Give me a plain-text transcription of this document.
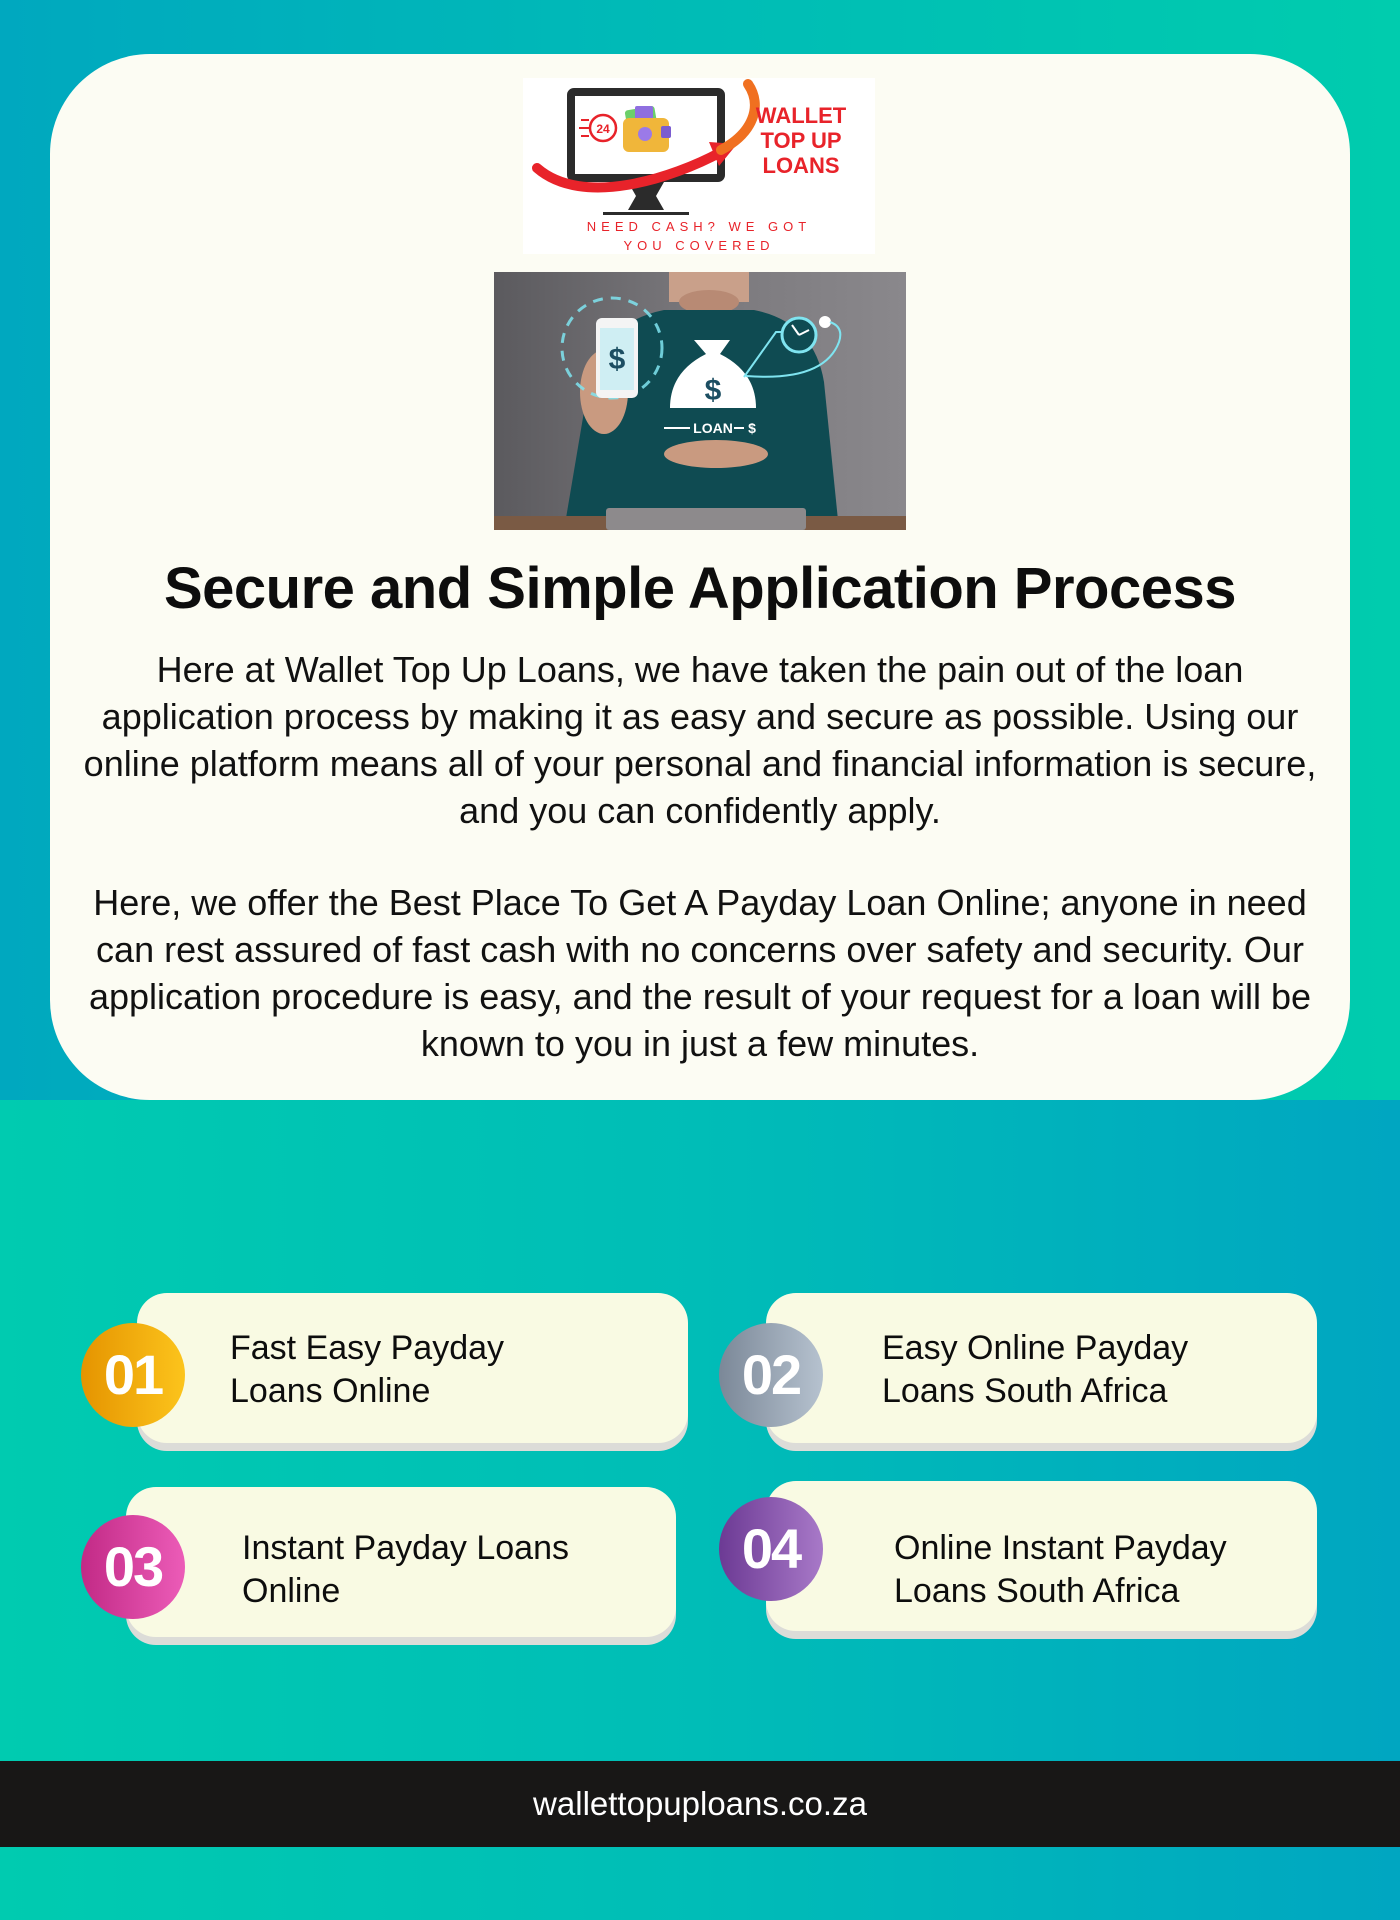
24
WALLET
TOP UP
LOANS
NEED CASH? WE GOT
YOU COVERED
$
$
LOAN $
Secure and Simple Application Process

Here at Wallet Top Up Loans, we have taken the pain out of the loan application process by making it as easy and secure as possible. Using our online platform means all of your personal and financial information is secure, and you can confidently apply.

Here, we offer the Best Place To Get A Payday Loan Online; anyone in need can rest assured of fast cash with no concerns over safety and security. Our application procedure is easy, and the result of your request for a loan will be known to you in just a few minutes.

Fast Easy Payday
Loans Online
01	Easy Online Payday
Loans South Africa
02
Instant Payday Loans
Online
03	Online Instant Payday
Loans South Africa
04
wallettopuploans.co.za
